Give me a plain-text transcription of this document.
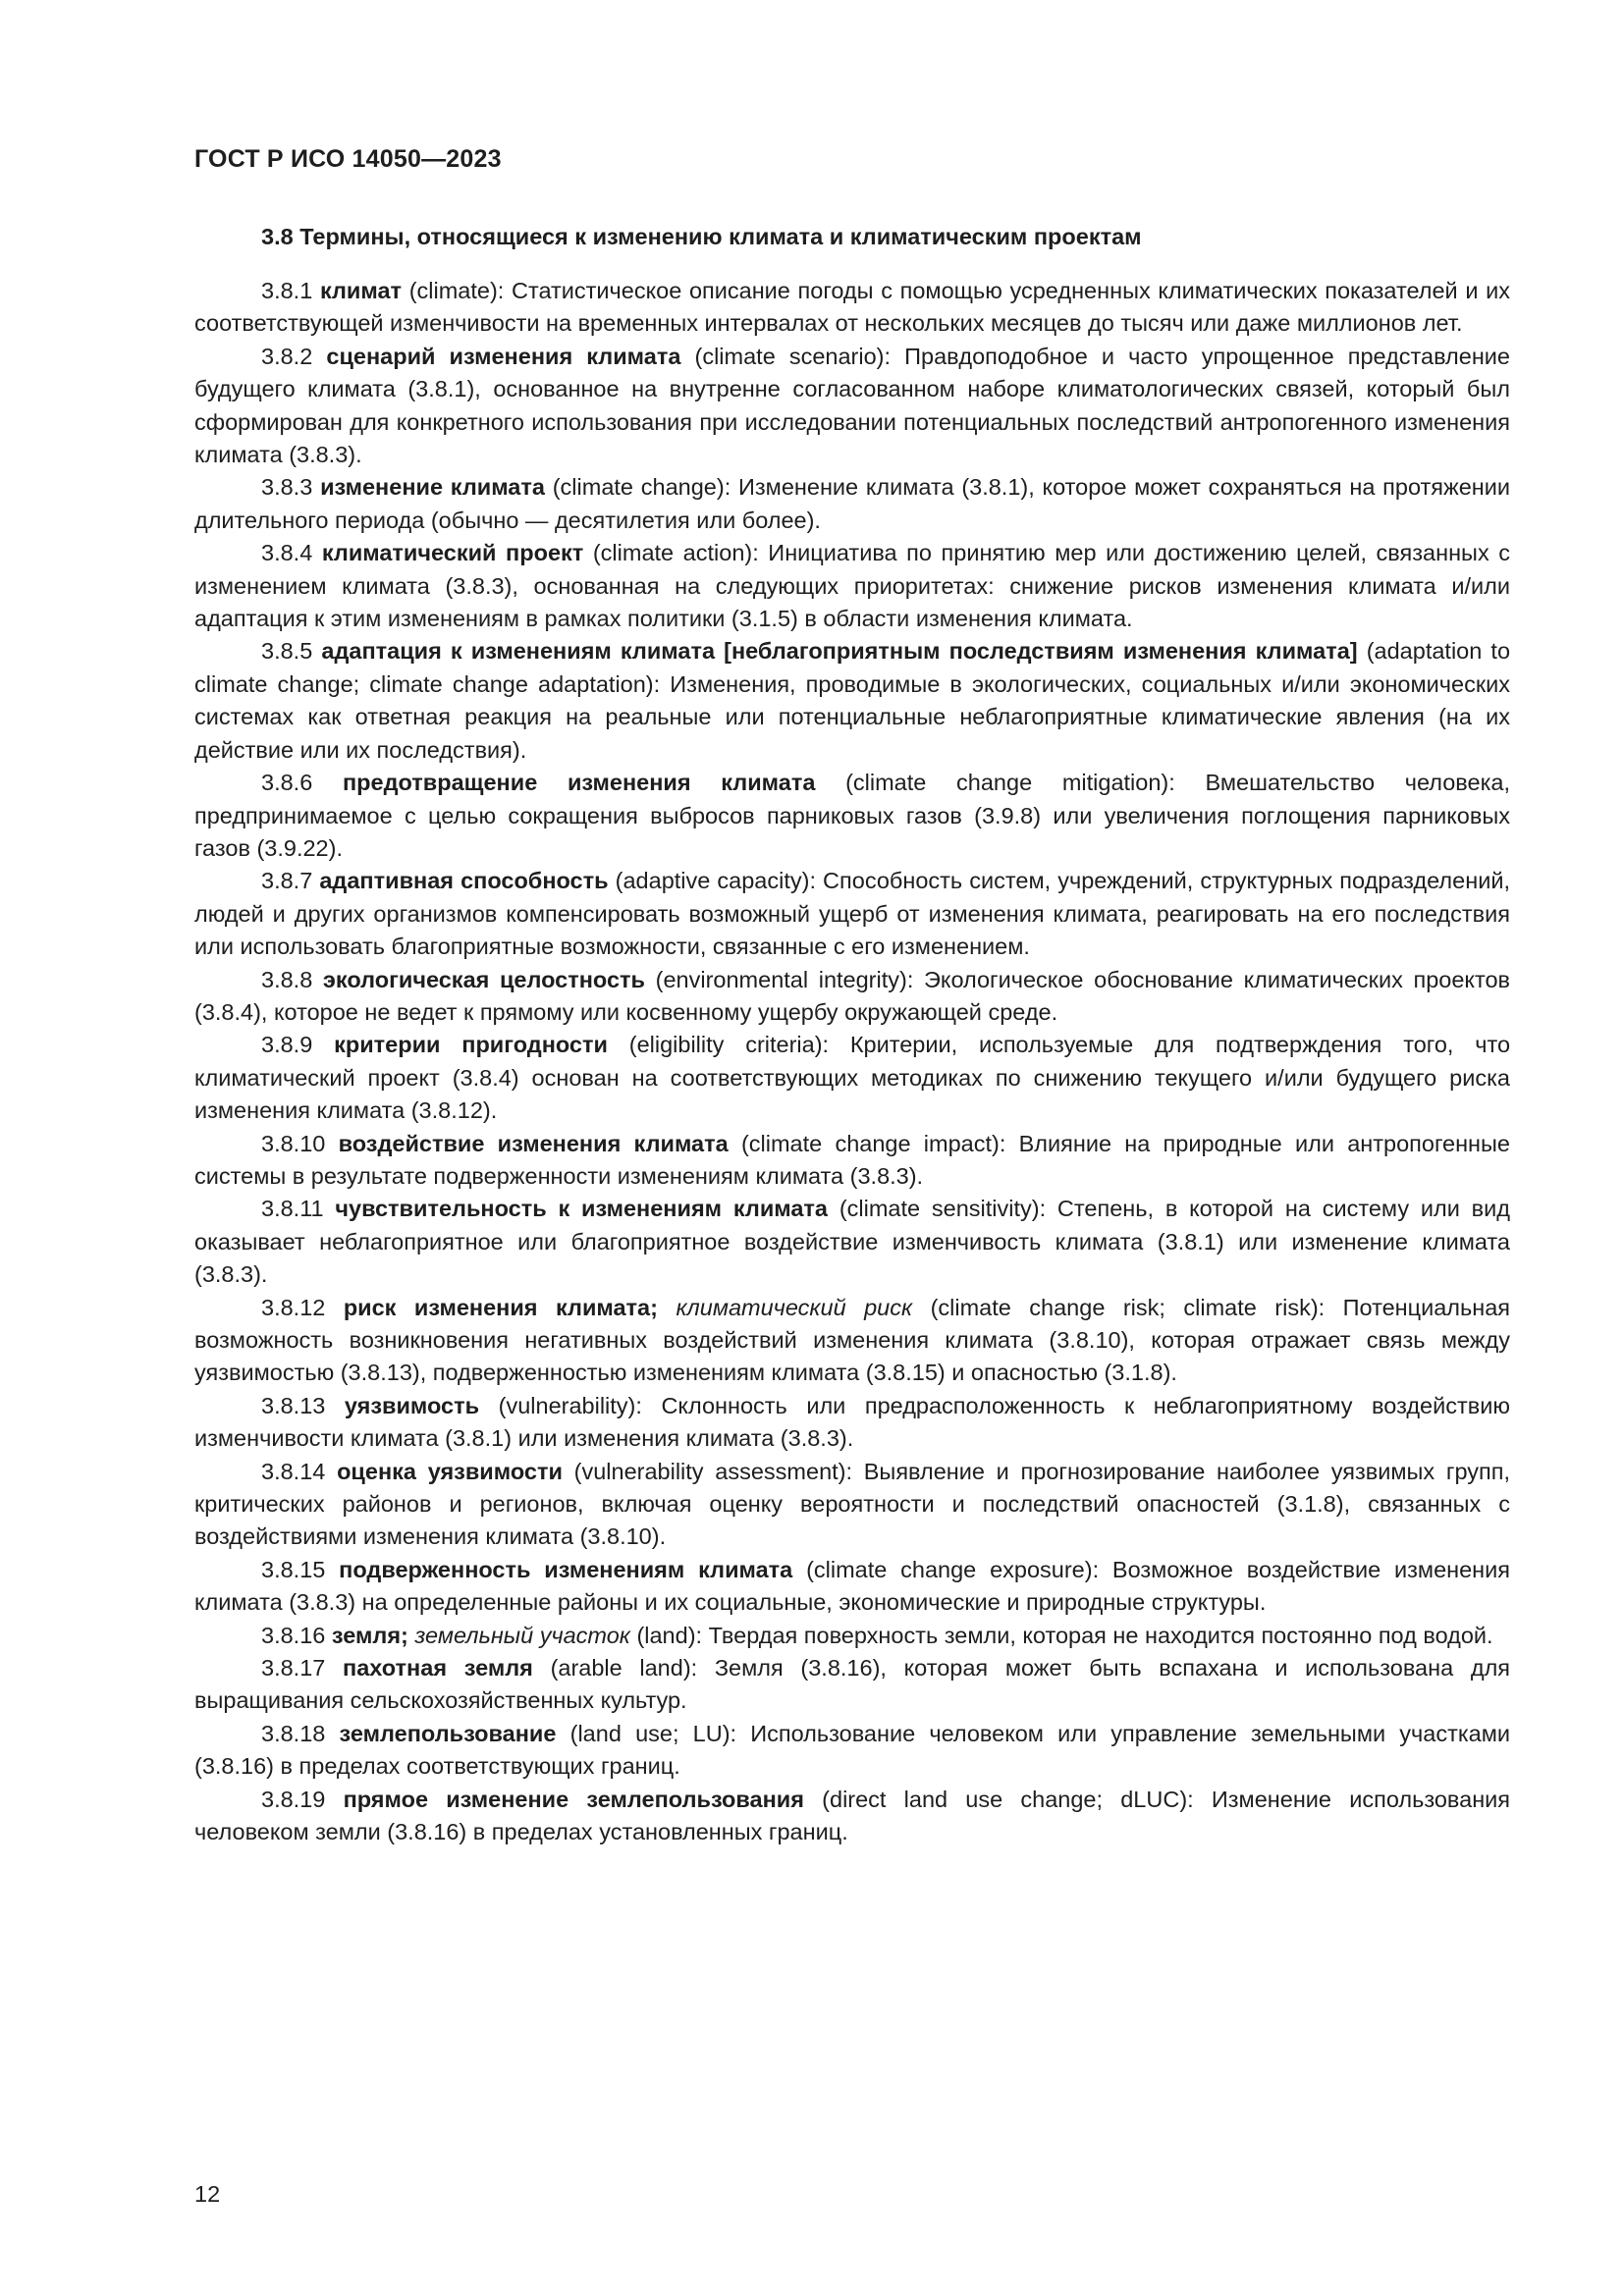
ГОСТ Р ИСО 14050—2023
3.8 Термины, относящиеся к изменению климата и климатическим проектам

3.8.1 климат (climate): Статистическое описание погоды с помощью усредненных климатических показателей и их соответствующей изменчивости на временных интервалах от нескольких месяцев до тысяч или даже миллионов лет.

3.8.2 сценарий изменения климата (climate scenario): Правдоподобное и часто упрощенное представление будущего климата (3.8.1), основанное на внутренне согласованном наборе климатологических связей, который был сформирован для конкретного использования при исследовании потенциальных последствий антропогенного изменения климата (3.8.3).

3.8.3 изменение климата (climate change): Изменение климата (3.8.1), которое может сохраняться на протяжении длительного периода (обычно — десятилетия или более).

3.8.4 климатический проект (climate action): Инициатива по принятию мер или достижению целей, связанных с изменением климата (3.8.3), основанная на следующих приоритетах: снижение рисков изменения климата и/или адаптация к этим изменениям в рамках политики (3.1.5) в области изменения климата.

3.8.5 адаптация к изменениям климата [неблагоприятным последствиям изменения климата] (adaptation to climate change; climate change adaptation): Изменения, проводимые в экологических, социальных и/или экономических системах как ответная реакция на реальные или потенциальные неблагоприятные климатические явления (на их действие или их последствия).

3.8.6 предотвращение изменения климата (climate change mitigation): Вмешательство человека, предпринимаемое с целью сокращения выбросов парниковых газов (3.9.8) или увеличения поглощения парниковых газов (3.9.22).

3.8.7 адаптивная способность (adaptive capacity): Способность систем, учреждений, структурных подразделений, людей и других организмов компенсировать возможный ущерб от изменения климата, реагировать на его последствия или использовать благоприятные возможности, связанные с его изменением.

3.8.8 экологическая целостность (environmental integrity): Экологическое обоснование климатических проектов (3.8.4), которое не ведет к прямому или косвенному ущербу окружающей среде.

3.8.9 критерии пригодности (eligibility criteria): Критерии, используемые для подтверждения того, что климатический проект (3.8.4) основан на соответствующих методиках по снижению текущего и/или будущего риска изменения климата (3.8.12).

3.8.10 воздействие изменения климата (climate change impact): Влияние на природные или антропогенные системы в результате подверженности изменениям климата (3.8.3).

3.8.11 чувствительность к изменениям климата (climate sensitivity): Степень, в которой на систему или вид оказывает неблагоприятное или благоприятное воздействие изменчивость климата (3.8.1) или изменение климата (3.8.3).

3.8.12 риск изменения климата; климатический риск (climate change risk; climate risk): Потенциальная возможность возникновения негативных воздействий изменения климата (3.8.10), которая отражает связь между уязвимостью (3.8.13), подверженностью изменениям климата (3.8.15) и опасностью (3.1.8).

3.8.13 уязвимость (vulnerability): Склонность или предрасположенность к неблагоприятному воздействию изменчивости климата (3.8.1) или изменения климата (3.8.3).

3.8.14 оценка уязвимости (vulnerability assessment): Выявление и прогнозирование наиболее уязвимых групп, критических районов и регионов, включая оценку вероятности и последствий опасностей (3.1.8), связанных с воздействиями изменения климата (3.8.10).

3.8.15 подверженность изменениям климата (climate change exposure): Возможное воздействие изменения климата (3.8.3) на определенные районы и их социальные, экономические и природные структуры.

3.8.16 земля; земельный участок (land): Твердая поверхность земли, которая не находится постоянно под водой.

3.8.17 пахотная земля (arable land): Земля (3.8.16), которая может быть вспахана и использована для выращивания сельскохозяйственных культур.

3.8.18 землепользование (land use; LU): Использование человеком или управление земельными участками (3.8.16) в пределах соответствующих границ.

3.8.19 прямое изменение землепользования (direct land use change; dLUC): Изменение использования человеком земли (3.8.16) в пределах установленных границ.

12
